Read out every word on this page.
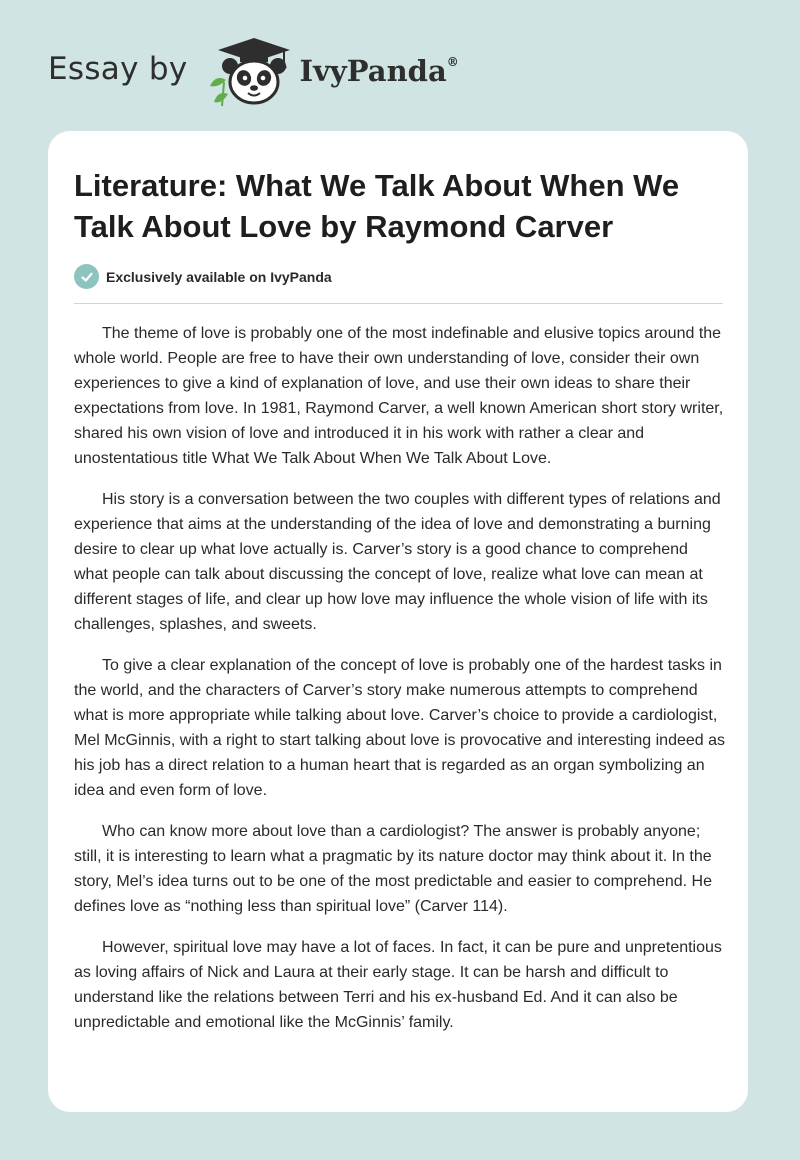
Essay by	IvyPanda®
Literature: What We Talk About When We Talk About Love by Raymond Carver
Exclusively available on IvyPanda

The theme of love is probably one of the most indefinable and elusive topics around the whole world. People are free to have their own understanding of love, consider their own experiences to give a kind of explanation of love, and use their own ideas to share their expectations from love. In 1981, Raymond Carver, a well known American short story writer, shared his own vision of love and introduced it in his work with rather a clear and unostentatious title What We Talk About When We Talk About Love.

His story is a conversation between the two couples with different types of relations and experience that aims at the understanding of the idea of love and demonstrating a burning desire to clear up what love actually is. Carver’s story is a good chance to comprehend what people can talk about discussing the concept of love, realize what love can mean at different stages of life, and clear up how love may influence the whole vision of life with its challenges, splashes, and sweets.

To give a clear explanation of the concept of love is probably one of the hardest tasks in the world, and the characters of Carver’s story make numerous attempts to comprehend what is more appropriate while talking about love. Carver’s choice to provide a cardiologist, Mel McGinnis, with a right to start talking about love is provocative and interesting indeed as his job has a direct relation to a human heart that is regarded as an organ symbolizing an idea and even form of love.

Who can know more about love than a cardiologist? The answer is probably anyone; still, it is interesting to learn what a pragmatic by its nature doctor may think about it. In the story, Mel’s idea turns out to be one of the most predictable and easier to comprehend. He defines love as “nothing less than spiritual love” (Carver 114).

However, spiritual love may have a lot of faces. In fact, it can be pure and unpretentious as loving affairs of Nick and Laura at their early stage. It can be harsh and difficult to understand like the relations between Terri and his ex-husband Ed. And it can also be unpredictable and emotional like the McGinnis’ family.
